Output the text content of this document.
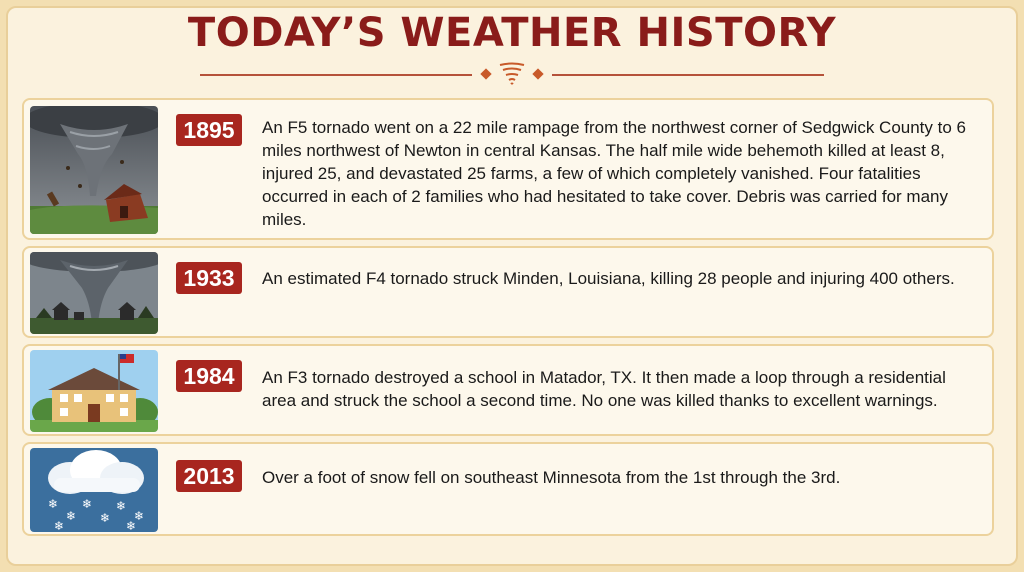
TODAY’S WEATHER HISTORY
1895	An F5 tornado went on a 22 mile rampage from the northwest corner of Sedgwick County to 6 miles northwest of Newton in central Kansas. The half mile wide behemoth killed at least 8, injured 25, and devastated 25 farms, a few of which completely vanished. Four fatalities occurred in each of 2 families who had hesitated to take cover. Debris was carried for many miles.

1933	An estimated F4 tornado struck Minden, Louisiana, killing 28 people and injuring 400 others.

1984	An F3 tornado destroyed a school in Matador, TX. It then made a loop through a residential area and struck the school a second time. No one was killed thanks to excellent warnings.

❄
❄
❄
❄
❄
❄
❄	❄
2013	Over a foot of snow fell on southeast Minnesota from the 1st through the 3rd.
